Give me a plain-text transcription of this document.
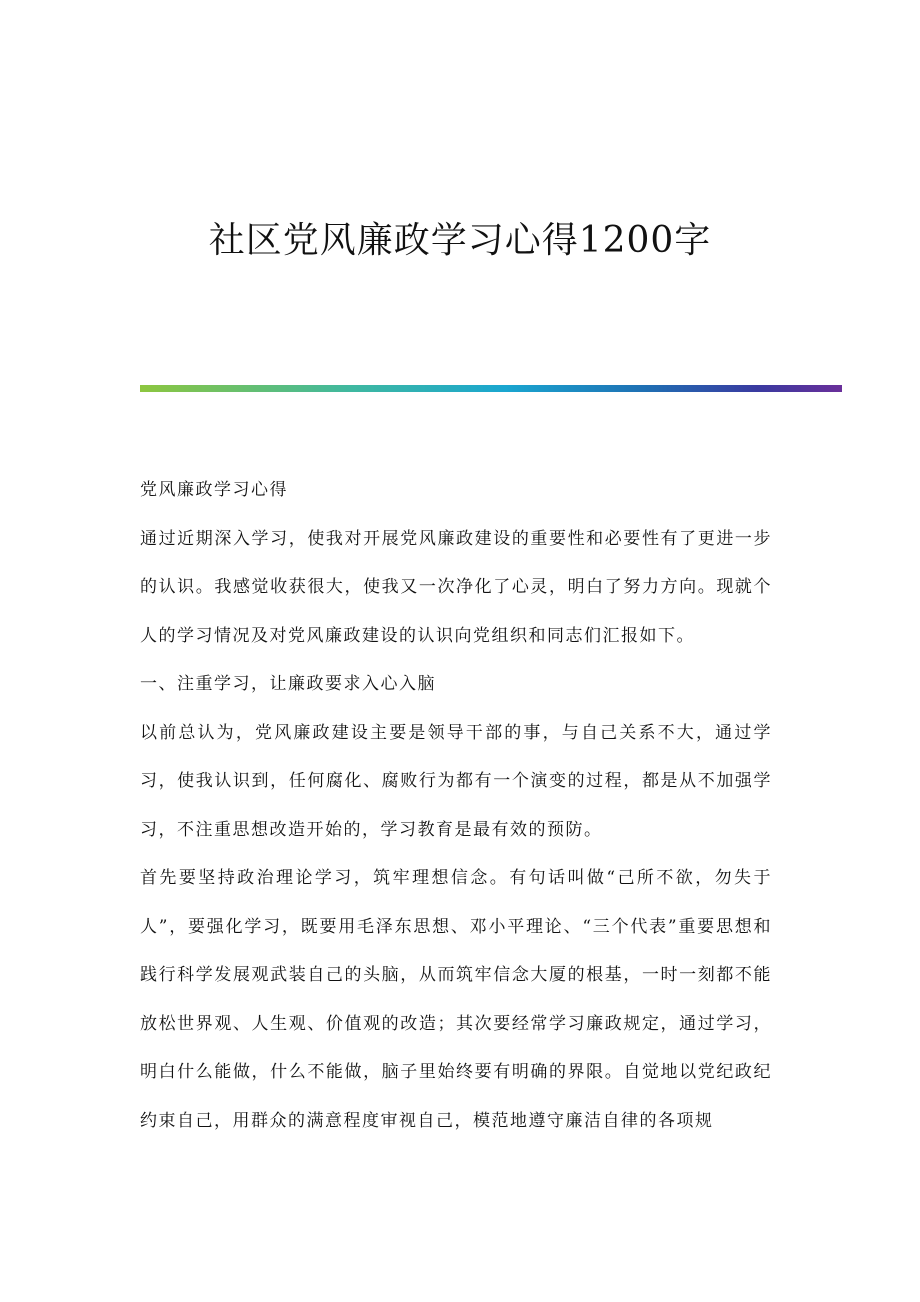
社区党风廉政学习心得1200字

党风廉政学习心得

通过近期深入学习，使我对开展党风廉政建设的重要性和必要性有了更进一步的认识。我感觉收获很大，使我又一次净化了心灵，明白了努力方向。现就个人的学习情况及对党风廉政建设的认识向党组织和同志们汇报如下。

一、注重学习，让廉政要求入心入脑

以前总认为，党风廉政建设主要是领导干部的事，与自己关系不大，通过学习，使我认识到，任何腐化、腐败行为都有一个演变的过程，都是从不加强学习，不注重思想改造开始的，学习教育是最有效的预防。

首先要坚持政治理论学习，筑牢理想信念。有句话叫做“己所不欲，勿失于人”，要强化学习，既要用毛泽东思想、邓小平理论、“三个代表”重要思想和践行科学发展观武装自己的头脑，从而筑牢信念大厦的根基，一时一刻都不能放松世界观、人生观、价值观的改造；其次要经常学习廉政规定，通过学习，明白什么能做，什么不能做，脑子里始终要有明确的界限。自觉地以党纪政纪约束自己，用群众的满意程度审视自己，模范地遵守廉洁自律的各项规
